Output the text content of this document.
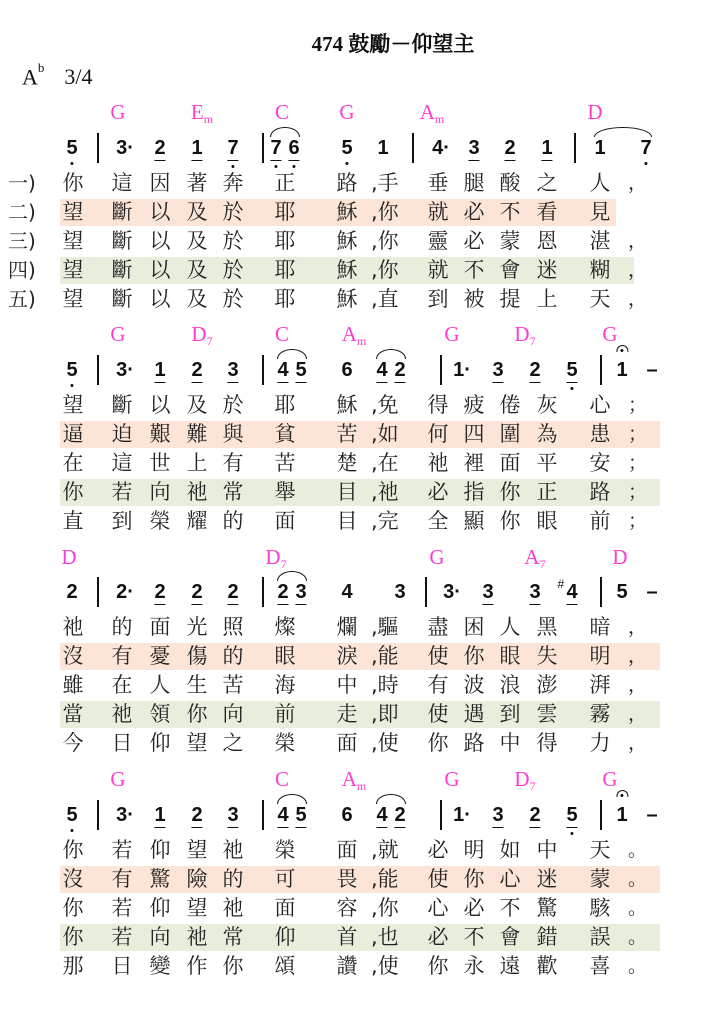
474 鼓勵－仰望主
$A^b$ 3/4
G	$E_m$	C G	$A_m$	D
5 3· 2 1 7 7 6 5 1 4· 3 2 1 1 7
一) 你 這 因 著 奔 正 路 ,手 垂 腿 酸 之 人 ，
二) 望 斷 以 及 於 耶 穌 ,你 就 必 不 看 見
三) 望 斷 以 及 於 耶 穌 ,你 靈 必 蒙 恩 湛 ，
四) 望 斷 以 及 於 耶 穌 ,你 就 不 會 迷 糊 ，
五) 望 斷 以 及 於 耶 穌 ,直 到 被 提 上 天 ，
G	$D_7$	C	$A_m$	G	$D_7$	G
5 3· 1 2 3 4 5 6 4 2 1· 3 2 5 1 –
望 斷 以 及 於 耶 穌 ,免 得 疲 倦 灰 心 ；
逼 迫 艱 難 與 貧 苦 ,如 何 四 圍 為 患 ；
在 這 世 上 有 苦 楚 ,在 祂 裡 面 平 安 ；
你 若 向 祂 常 舉 目 ,祂 必 指 你 正 路 ；
直 到 榮 耀 的 面 目 ,完 全 顯 你 眼 前 ；
D	$D_7$	G	$A_7$	D
2 2· 2 2 2 2 3 4 3 3· 3 3 4
#	5 –
祂 的 面 光 照 燦 爛 ,驅 盡 困 人 黑 暗 ，
沒 有 憂 傷 的 眼 淚 ,能 使 你 眼 失 明 ，
雖 在 人 生 苦 海 中 ,時 有 波 浪 澎 湃 ，
當 祂 領 你 向 前 走 ,即 使 遇 到 雲 霧 ，
今 日 仰 望 之 榮 面 ,使 你 路 中 得 力 ，
G	C	$A_m$	G	$D_7$	G
5 3· 1 2 3 4 5 6 4 2 1· 3 2 5 1 –
你 若 仰 望 祂 榮 面 ,就 必 明 如 中 天 。
沒 有 驚 險 的 可 畏 ,能 使 你 心 迷 蒙 。
你 若 仰 望 祂 面 容 ,你 心 必 不 驚 駭 。
你 若 向 祂 常 仰 首 ,也 必 不 會 錯 誤 。
那 日 變 作 你 頌 讚 ,使 你 永 遠 歡 喜 。
